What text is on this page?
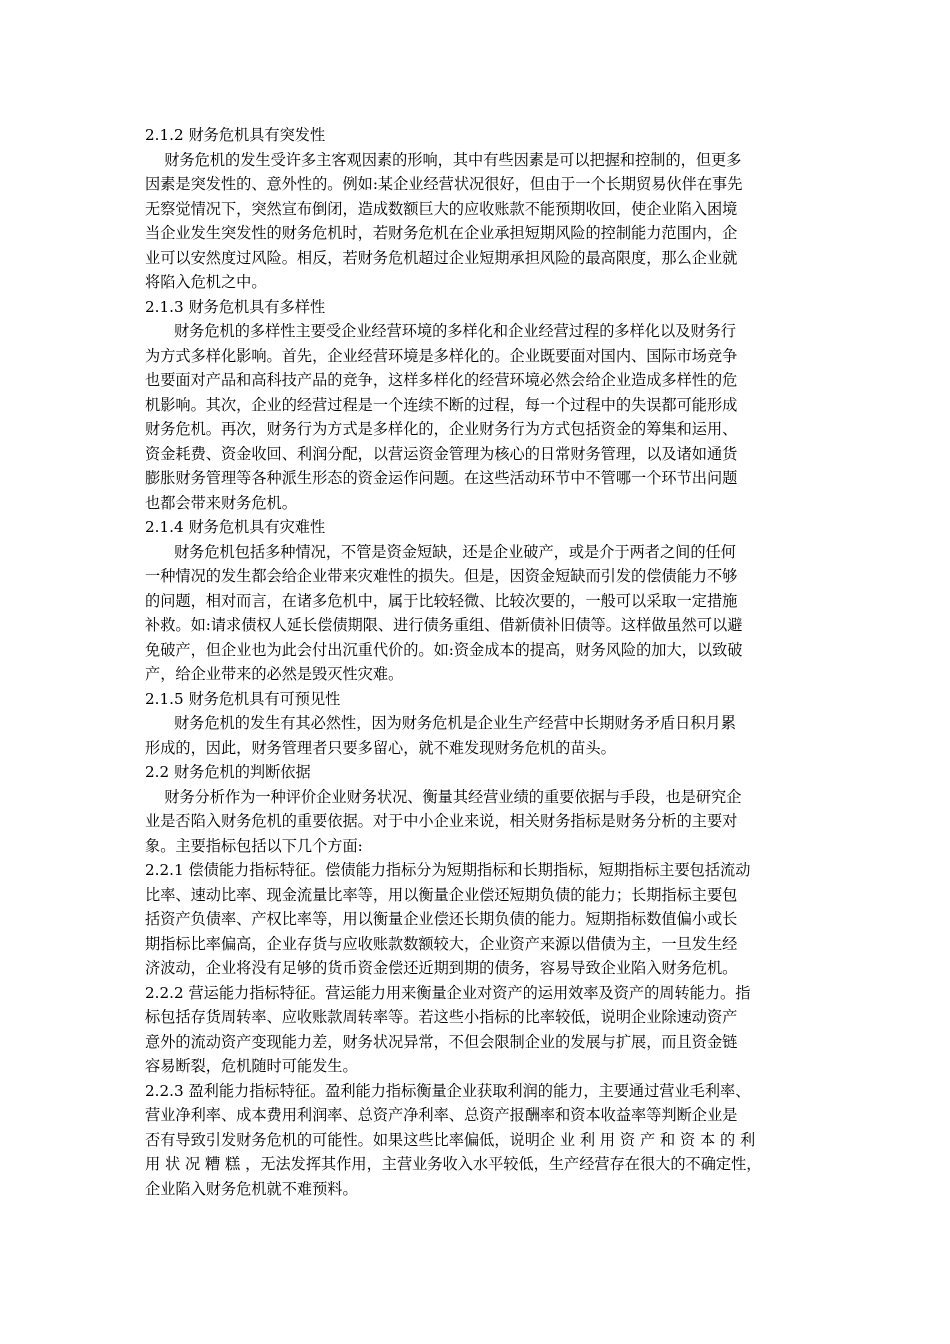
2.1.2 财务危机具有突发性
财务危机的发生受许多主客观因素的形响，其中有些因素是可以把握和控制的，但更多
因素是突发性的、意外性的。例如:某企业经营状况很好，但由于一个长期贸易伙伴在事先
无察觉情况下，突然宣布倒闭，造成数额巨大的应收账款不能预期收回，使企业陷入困境
当企业发生突发性的财务危机时，若财务危机在企业承担短期风险的控制能力范围内，企
业可以安然度过风险。相反，若财务危机超过企业短期承担风险的最高限度，那么企业就
将陷入危机之中。
2.1.3 财务危机具有多样性
财务危机的多样性主要受企业经营环境的多样化和企业经营过程的多样化以及财务行
为方式多样化影响。首先，企业经营环境是多样化的。企业既要面对国内、国际市场竞争
也要面对产品和高科技产品的竞争，这样多样化的经营环境必然会给企业造成多样性的危
机影响。其次，企业的经营过程是一个连续不断的过程，每一个过程中的失误都可能形成
财务危机。再次，财务行为方式是多样化的，企业财务行为方式包括资金的筹集和运用、
资金耗费、资金收回、利润分配，以营运资金管理为核心的日常财务管理，以及诸如通货
膨胀财务管理等各种派生形态的资金运作问题。在这些活动环节中不管哪一个环节出问题
也都会带来财务危机。
2.1.4 财务危机具有灾难性
财务危机包括多种情况，不管是资金短缺，还是企业破产，或是介于两者之间的任何
一种情况的发生都会给企业带来灾难性的损失。但是，因资金短缺而引发的偿债能力不够
的问题，相对而言，在诸多危机中，属于比较轻微、比较次要的，一般可以采取一定措施
补救。如:请求债权人延长偿债期限、进行债务重组、借新债补旧债等。这样做虽然可以避
免破产，但企业也为此会付出沉重代价的。如:资金成本的提高，财务风险的加大，以致破
产，给企业带来的必然是毁灭性灾难。
2.1.5 财务危机具有可预见性
财务危机的发生有其必然性，因为财务危机是企业生产经营中长期财务矛盾日积月累
形成的，因此，财务管理者只要多留心，就不难发现财务危机的苗头。
2.2 财务危机的判断依据
财务分析作为一种评价企业财务状况、衡量其经营业绩的重要依据与手段，也是研究企
业是否陷入财务危机的重要依据。对于中小企业来说，相关财务指标是财务分析的主要对
象。主要指标包括以下几个方面:
2.2.1 偿债能力指标特征。偿债能力指标分为短期指标和长期指标，短期指标主要包括流动
比率、速动比率、现金流量比率等，用以衡量企业偿还短期负债的能力；长期指标主要包
括资产负债率、产权比率等，用以衡量企业偿还长期负债的能力。短期指标数值偏小或长
期指标比率偏高，企业存货与应收账款数额较大，企业资产来源以借债为主，一旦发生经
济波动，企业将没有足够的货币资金偿还近期到期的债务，容易导致企业陷入财务危机。
2.2.2 营运能力指标特征。营运能力用来衡量企业对资产的运用效率及资产的周转能力。指
标包括存货周转率、应收账款周转率等。若这些小指标的比率较低，说明企业除速动资产
意外的流动资产变现能力差，财务状况异常，不但会限制企业的发展与扩展，而且资金链
容易断裂，危机随时可能发生。
2.2.3 盈利能力指标特征。盈利能力指标衡量企业获取利润的能力，主要通过营业毛利率、
营业净利率、成本费用利润率、总资产净利率、总资产报酬率和资本收益率等判断企业是
否有导致引发财务危机的可能性。如果这些比率偏低，说明企 业 利 用 资 产 和 资 本 的 利
用 状 况 糟 糕 ，无法发挥其作用，主营业务收入水平较低，生产经营存在很大的不确定性，
企业陷入财务危机就不难预料。
